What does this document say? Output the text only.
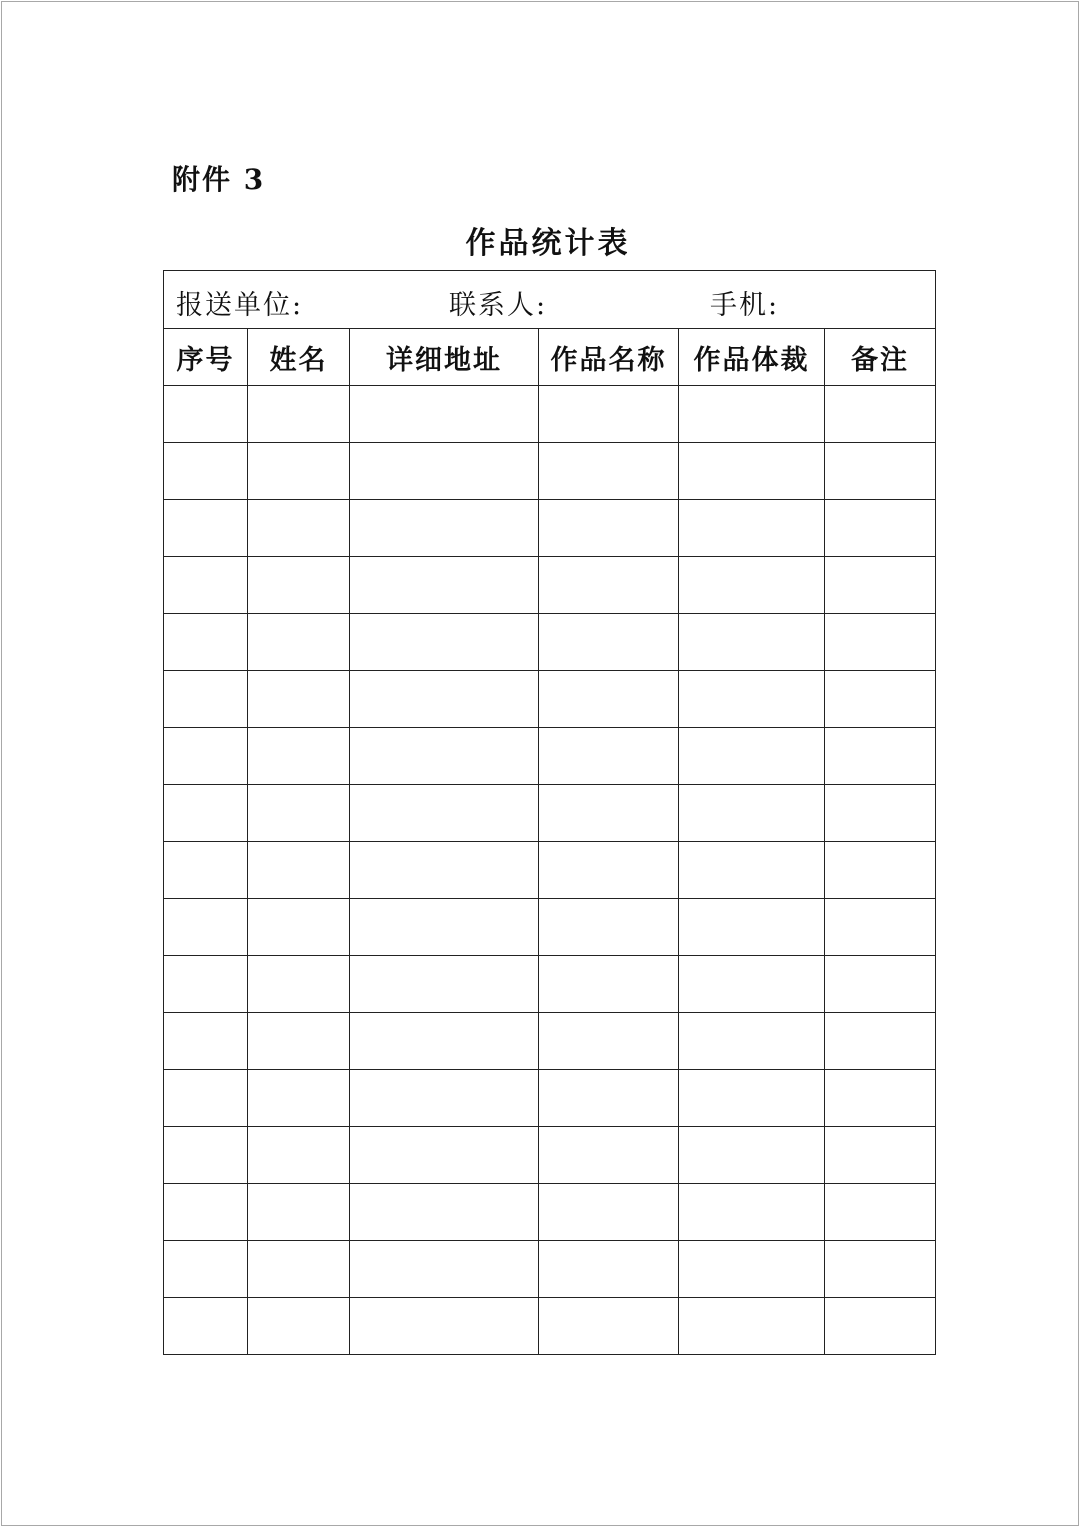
附件 3
作品统计表
报送单位: 联系人: 手机:					

序号	姓名	详细地址	作品名称	作品体裁	备注
